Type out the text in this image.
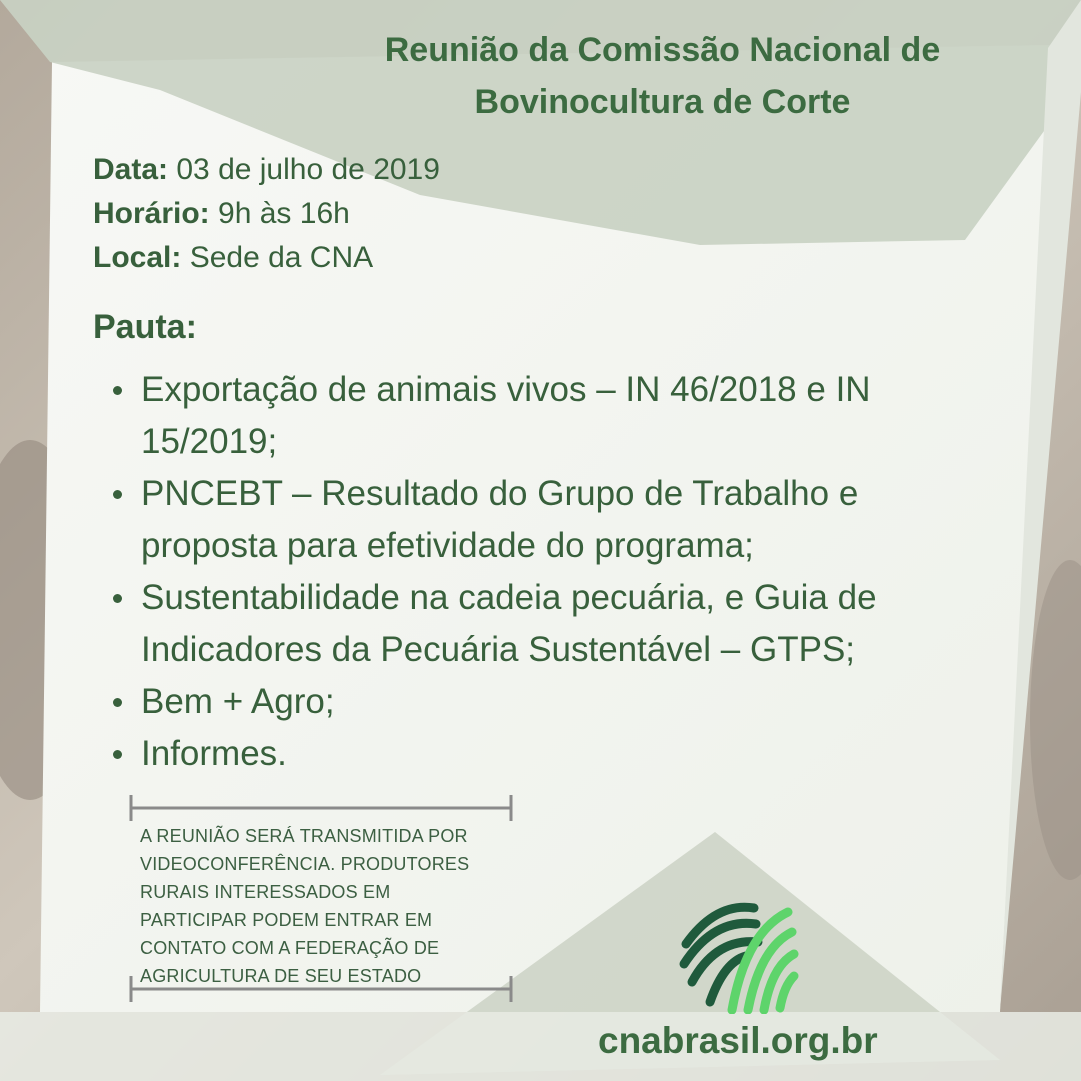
Reunião da Comissão Nacional de
Bovinocultura de Corte
Data: 03 de julho de 2019
Horário: 9h às 16h
Local: Sede da CNA
Pauta:
Exportação de animais vivos – IN 46/2018 e IN 15/2019;
PNCEBT – Resultado do Grupo de Trabalho e proposta para efetividade do programa;
Sustentabilidade na cadeia pecuária, e Guia de Indicadores da Pecuária Sustentável – GTPS;
Bem + Agro;
Informes.
A REUNIÃO SERÁ TRANSMITIDA POR
VIDEOCONFERÊNCIA. PRODUTORES
RURAIS INTERESSADOS EM
PARTICIPAR PODEM ENTRAR EM
CONTATO COM A FEDERAÇÃO DE
AGRICULTURA DE SEU ESTADO
cnabrasil.org.br
